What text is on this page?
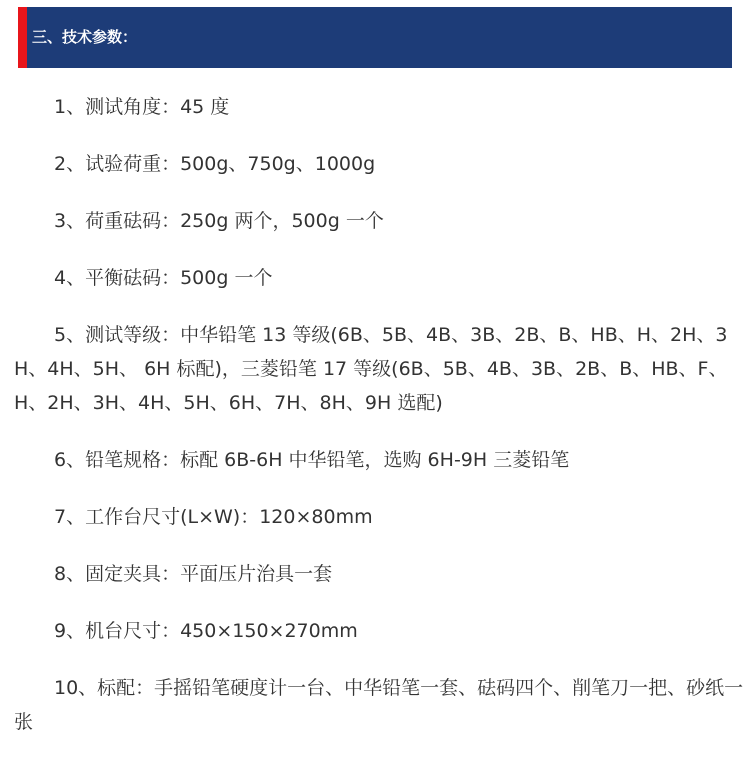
三、技术参数：
1、测试角度：45 度
2、试验荷重：500g、750g、1000g
3、荷重砝码：250g 两个，500g 一个
4、平衡砝码：500g 一个
5、测试等级：中华铅笔 13 等级(6B、5B、4B、3B、2B、B、HB、H、2H、3H、4H、5H、 6H 标配)，三菱铅笔 17 等级(6B、5B、4B、3B、2B、B、HB、F、H、2H、3H、4H、5H、6H、7H、8H、9H 选配)
6、铅笔规格：标配 6B-6H 中华铅笔，选购 6H-9H 三菱铅笔
7、工作台尺寸(L×W)：120×80mm
8、固定夹具：平面压片治具一套
9、机台尺寸：450×150×270mm
10、标配：手摇铅笔硬度计一台、中华铅笔一套、砝码四个、削笔刀一把、砂纸一张
